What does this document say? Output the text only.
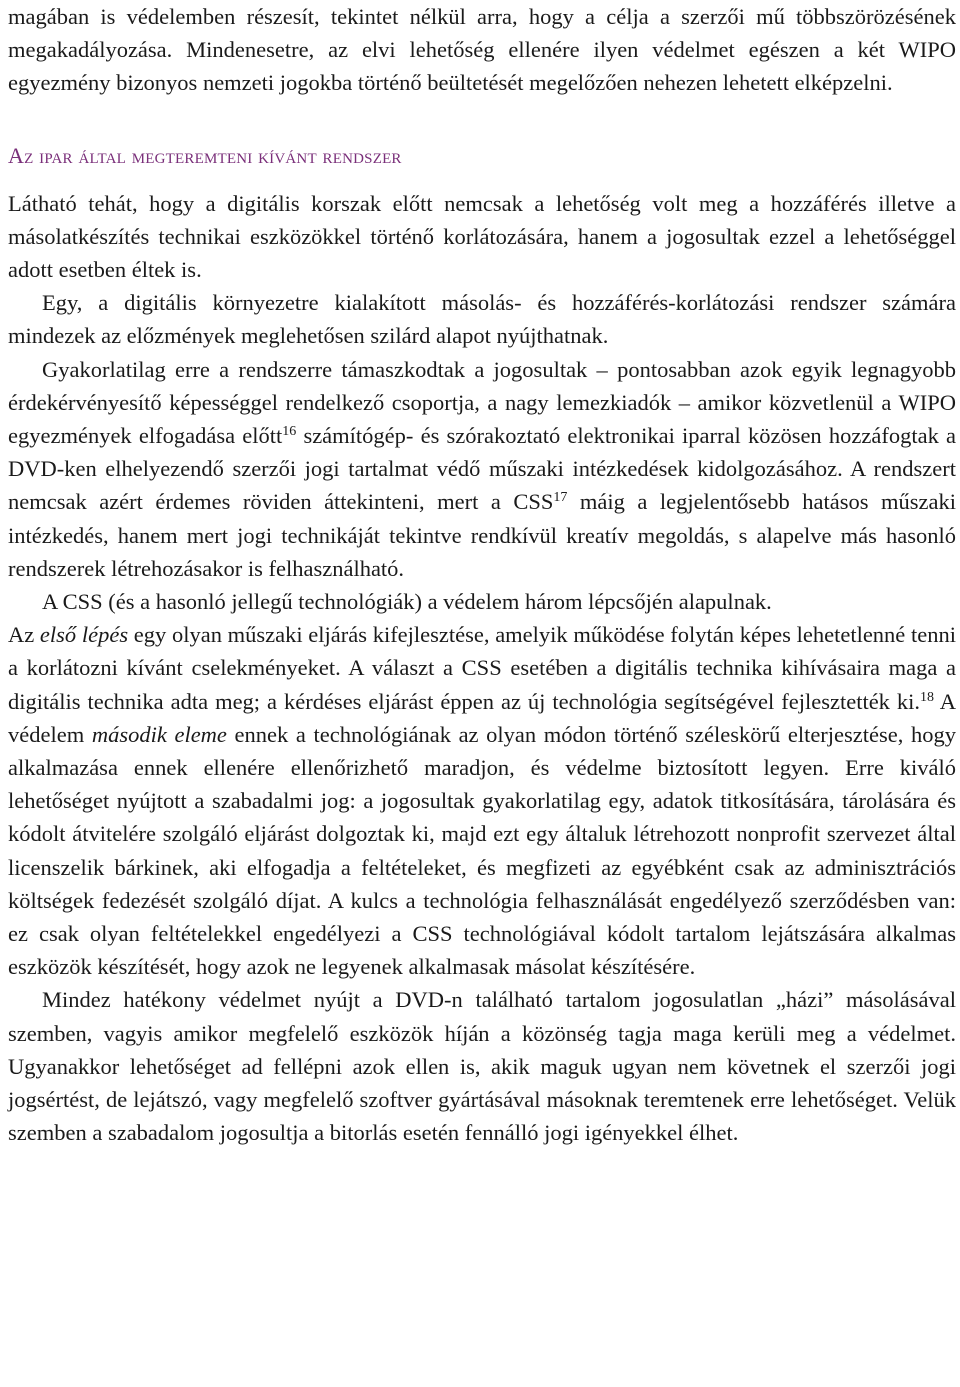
magában is védelemben részesít, tekintet nélkül arra, hogy a célja a szerzői mű többszörözésének megakadályozása. Mindenesetre, az elvi lehetőség ellenére ilyen védelmet egészen a két WIPO egyezmény bizonyos nemzeti jogokba történő beültetését megelőzően nehezen lehetett elképzelni.

Az ipar által megteremteni kívánt rendszer

Látható tehát, hogy a digitális korszak előtt nemcsak a lehetőség volt meg a hozzáférés illetve a másolatkészítés technikai eszközökkel történő korlátozására, hanem a jogosultak ezzel a lehetőséggel adott esetben éltek is.

Egy, a digitális környezetre kialakított másolás- és hozzáférés-korlátozási rendszer számára mindezek az előzmények meglehetősen szilárd alapot nyújthatnak.

Gyakorlatilag erre a rendszerre támaszkodtak a jogosultak – pontosabban azok egyik legnagyobb érdekérvényesítő képességgel rendelkező csoportja, a nagy lemezkiadók – amikor közvetlenül a WIPO egyezmények elfogadása előtt$^{16}$ számítógép- és szórakoztató elektronikai iparral közösen hozzáfogtak a DVD-ken elhelyezendő szerzői jogi tartalmat védő műszaki intézkedések kidolgozásához. A rendszert nemcsak azért érdemes röviden áttekinteni, mert a CSS$^{17}$ máig a legjelentősebb hatásos műszaki intézkedés, hanem mert jogi technikáját tekintve rendkívül kreatív megoldás, s alapelve más hasonló rendszerek létrehozásakor is felhasználható.

A CSS (és a hasonló jellegű technológiák) a védelem három lépcsőjén alapulnak.

Az első lépés egy olyan műszaki eljárás kifejlesztése, amelyik működése folytán képes lehetetlenné tenni a korlátozni kívánt cselekményeket. A választ a CSS esetében a digitális technika kihívásaira maga a digitális technika adta meg; a kérdéses eljárást éppen az új technológia segítségével fejlesztették ki.$^{18}$ A védelem második eleme ennek a technológiának az olyan módon történő széleskörű elterjesztése, hogy alkalmazása ennek ellenére ellenőrizhető maradjon, és védelme biztosított legyen. Erre kiváló lehetőséget nyújtott a szabadalmi jog: a jogosultak gyakorlatilag egy, adatok titkosítására, tárolására és kódolt átvitelére szolgáló eljárást dolgoztak ki, majd ezt egy általuk létrehozott nonprofit szervezet által licenszelik bárkinek, aki elfogadja a feltételeket, és megfizeti az egyébként csak az adminisztrációs költségek fedezését szolgáló díjat. A kulcs a technológia felhasználását engedélyező szerződésben van: ez csak olyan feltételekkel engedélyezi a CSS technológiával kódolt tartalom lejátszására alkalmas eszközök készítését, hogy azok ne legyenek alkalmasak másolat készítésére.

Mindez hatékony védelmet nyújt a DVD-n található tartalom jogosulatlan „házi” másolásával szemben, vagyis amikor megfelelő eszközök híján a közönség tagja maga kerüli meg a védelmet. Ugyanakkor lehetőséget ad fellépni azok ellen is, akik maguk ugyan nem követnek el szerzői jogi jogsértést, de lejátszó, vagy megfelelő szoftver gyártásával másoknak teremtenek erre lehetőséget. Velük szemben a szabadalom jogosultja a bitorlás esetén fennálló jogi igényekkel élhet.
